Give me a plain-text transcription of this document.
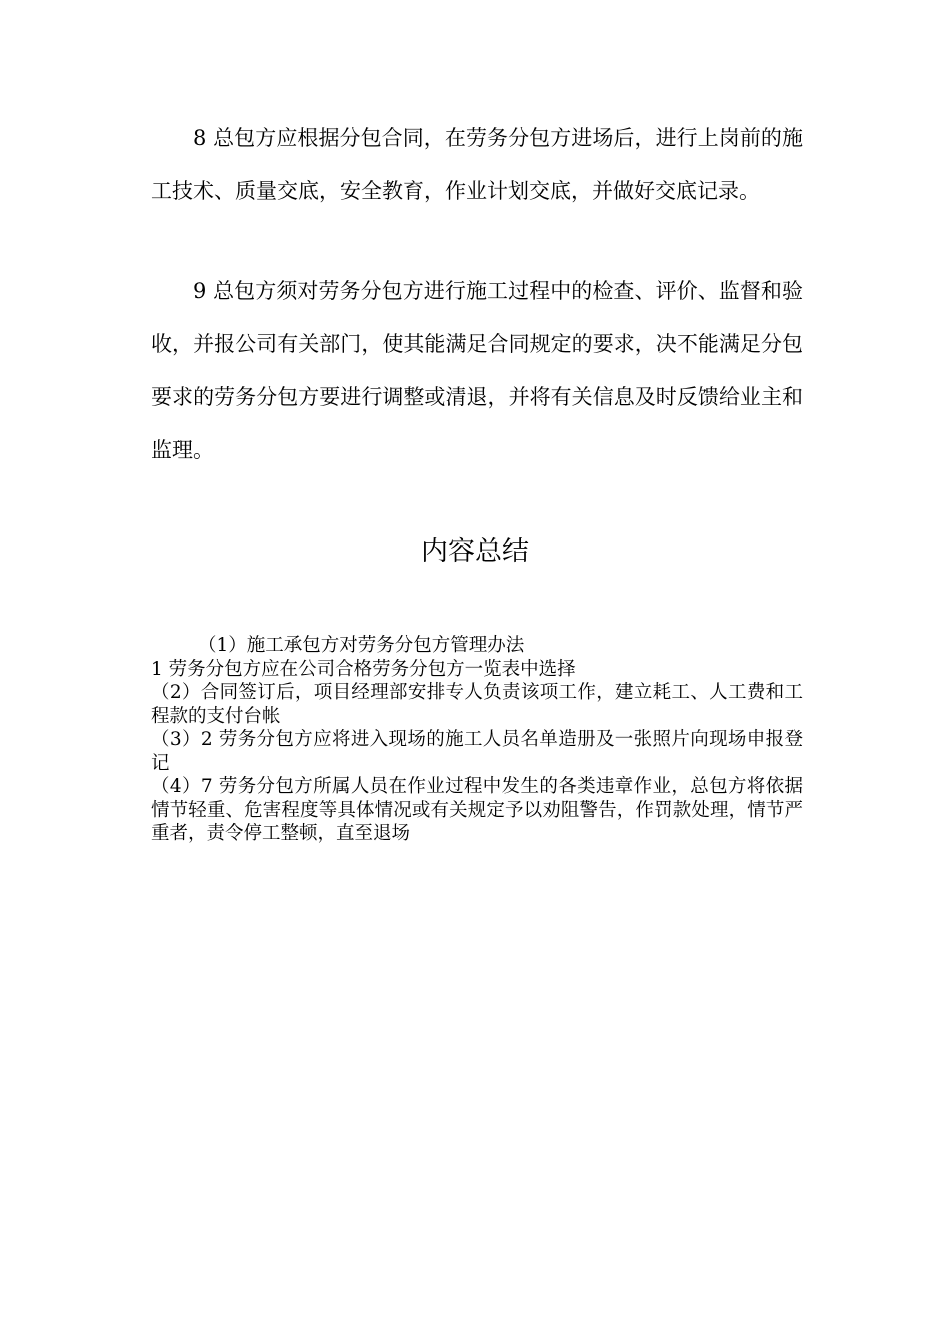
8 总包方应根据分包合同，在劳务分包方进场后，进行上岗前的施工技术、质量交底，安全教育，作业计划交底，并做好交底记录。

9 总包方须对劳务分包方进行施工过程中的检查、评价、监督和验收，并报公司有关部门，使其能满足合同规定的要求，决不能满足分包要求的劳务分包方要进行调整或清退，并将有关信息及时反馈给业主和监理。

内容总结

（1）施工承包方对劳务分包方管理办法

1 劳务分包方应在公司合格劳务分包方一览表中选择

（2）合同签订后，项目经理部安排专人负责该项工作，建立耗工、人工费和工程款的支付台帐

（3）2 劳务分包方应将进入现场的施工人员名单造册及一张照片向现场申报登记

（4）7 劳务分包方所属人员在作业过程中发生的各类违章作业，总包方将依据情节轻重、危害程度等具体情况或有关规定予以劝阻警告，作罚款处理，情节严重者，责令停工整顿，直至退场
